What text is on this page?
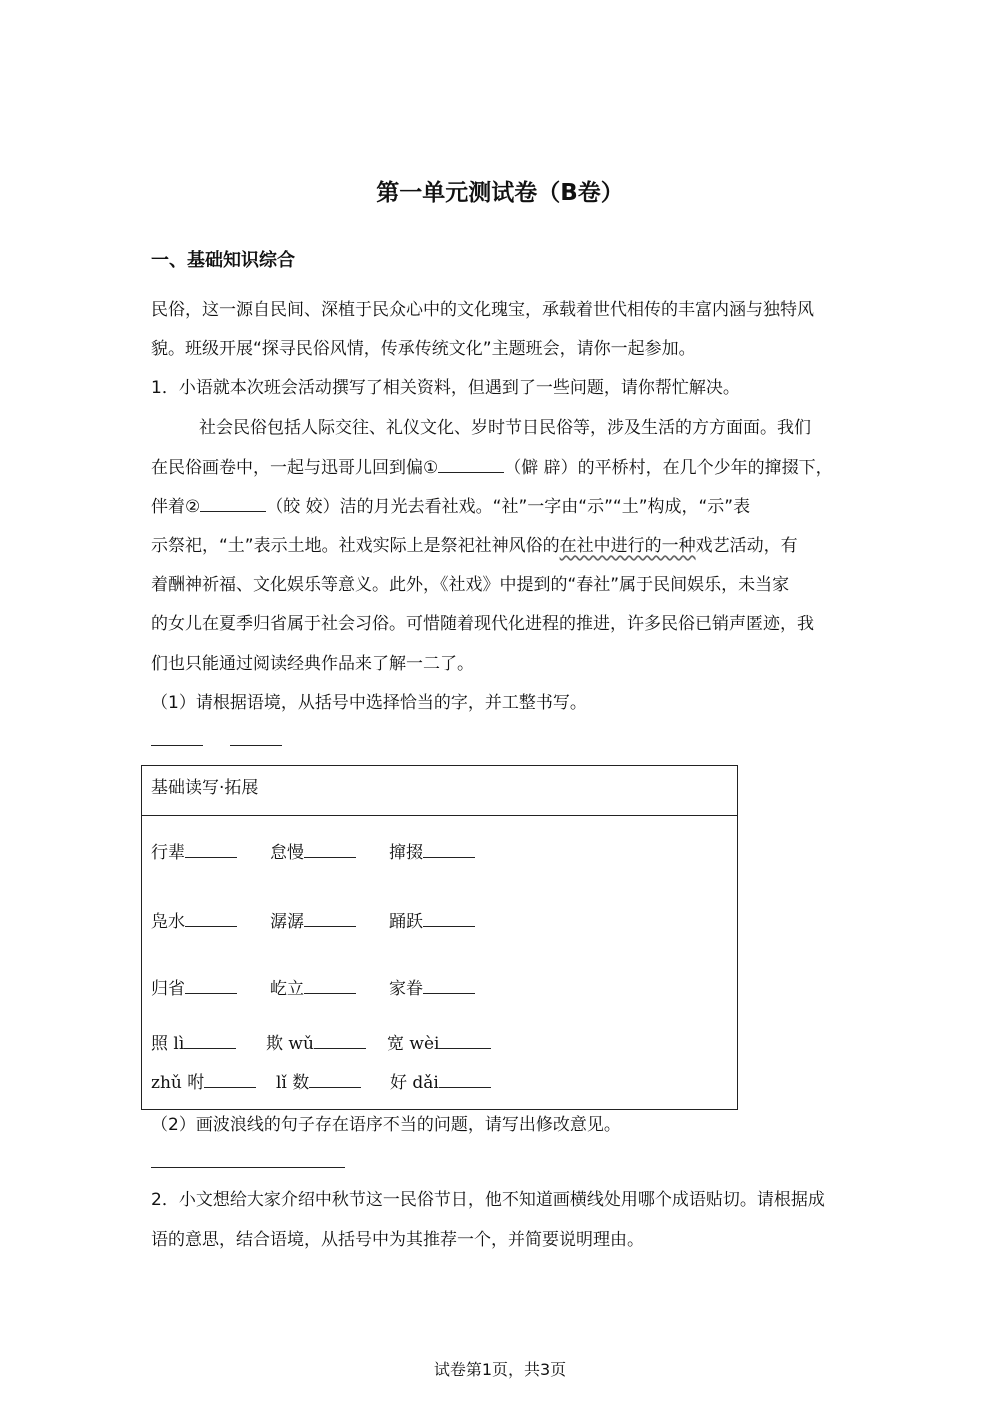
第一单元测试卷（B卷）
一、基础知识综合
民俗，这一源自民间、深植于民众心中的文化瑰宝，承载着世代相传的丰富内涵与独特风
貌。班级开展“探寻民俗风情，传承传统文化”主题班会，请你一起参加。
1．小语就本次班会活动撰写了相关资料，但遇到了一些问题，请你帮忙解决。
社会民俗包括人际交往、礼仪文化、岁时节日民俗等，涉及生活的方方面面。我们
在民俗画卷中，一起与迅哥儿回到偏①	（僻 辟）的平桥村，在几个少年的撺掇下，
伴着②	（皎 姣）洁的月光去看社戏。“社”一字由“示”“土”构成，“示”表
示祭祀，“土”表示土地。社戏实际上是祭祀社神风俗的在社中进行的一种戏艺活动，有
着酬神祈福、文化娱乐等意义。此外，《社戏》中提到的“春社”属于民间娱乐，未当家
的女儿在夏季归省属于社会习俗。可惜随着现代化进程的推进，许多民俗已销声匿迹，我
们也只能通过阅读经典作品来了解一二了。
（1）请根据语境，从括号中选择恰当的字，并工整书写。
基础读写·拓展
行辈	怠慢	撺掇
凫水	潺潺	踊跃
归省	屹立	家眷
照 lì	欺 wǔ	宽 wèi
zhǔ 咐	lǐ 数	好 dǎi
（2）画波浪线的句子存在语序不当的问题，请写出修改意见。
2．小文想给大家介绍中秋节这一民俗节日，他不知道画横线处用哪个成语贴切。请根据成
语的意思，结合语境，从括号中为其推荐一个，并简要说明理由。
试卷第1页，共3页
